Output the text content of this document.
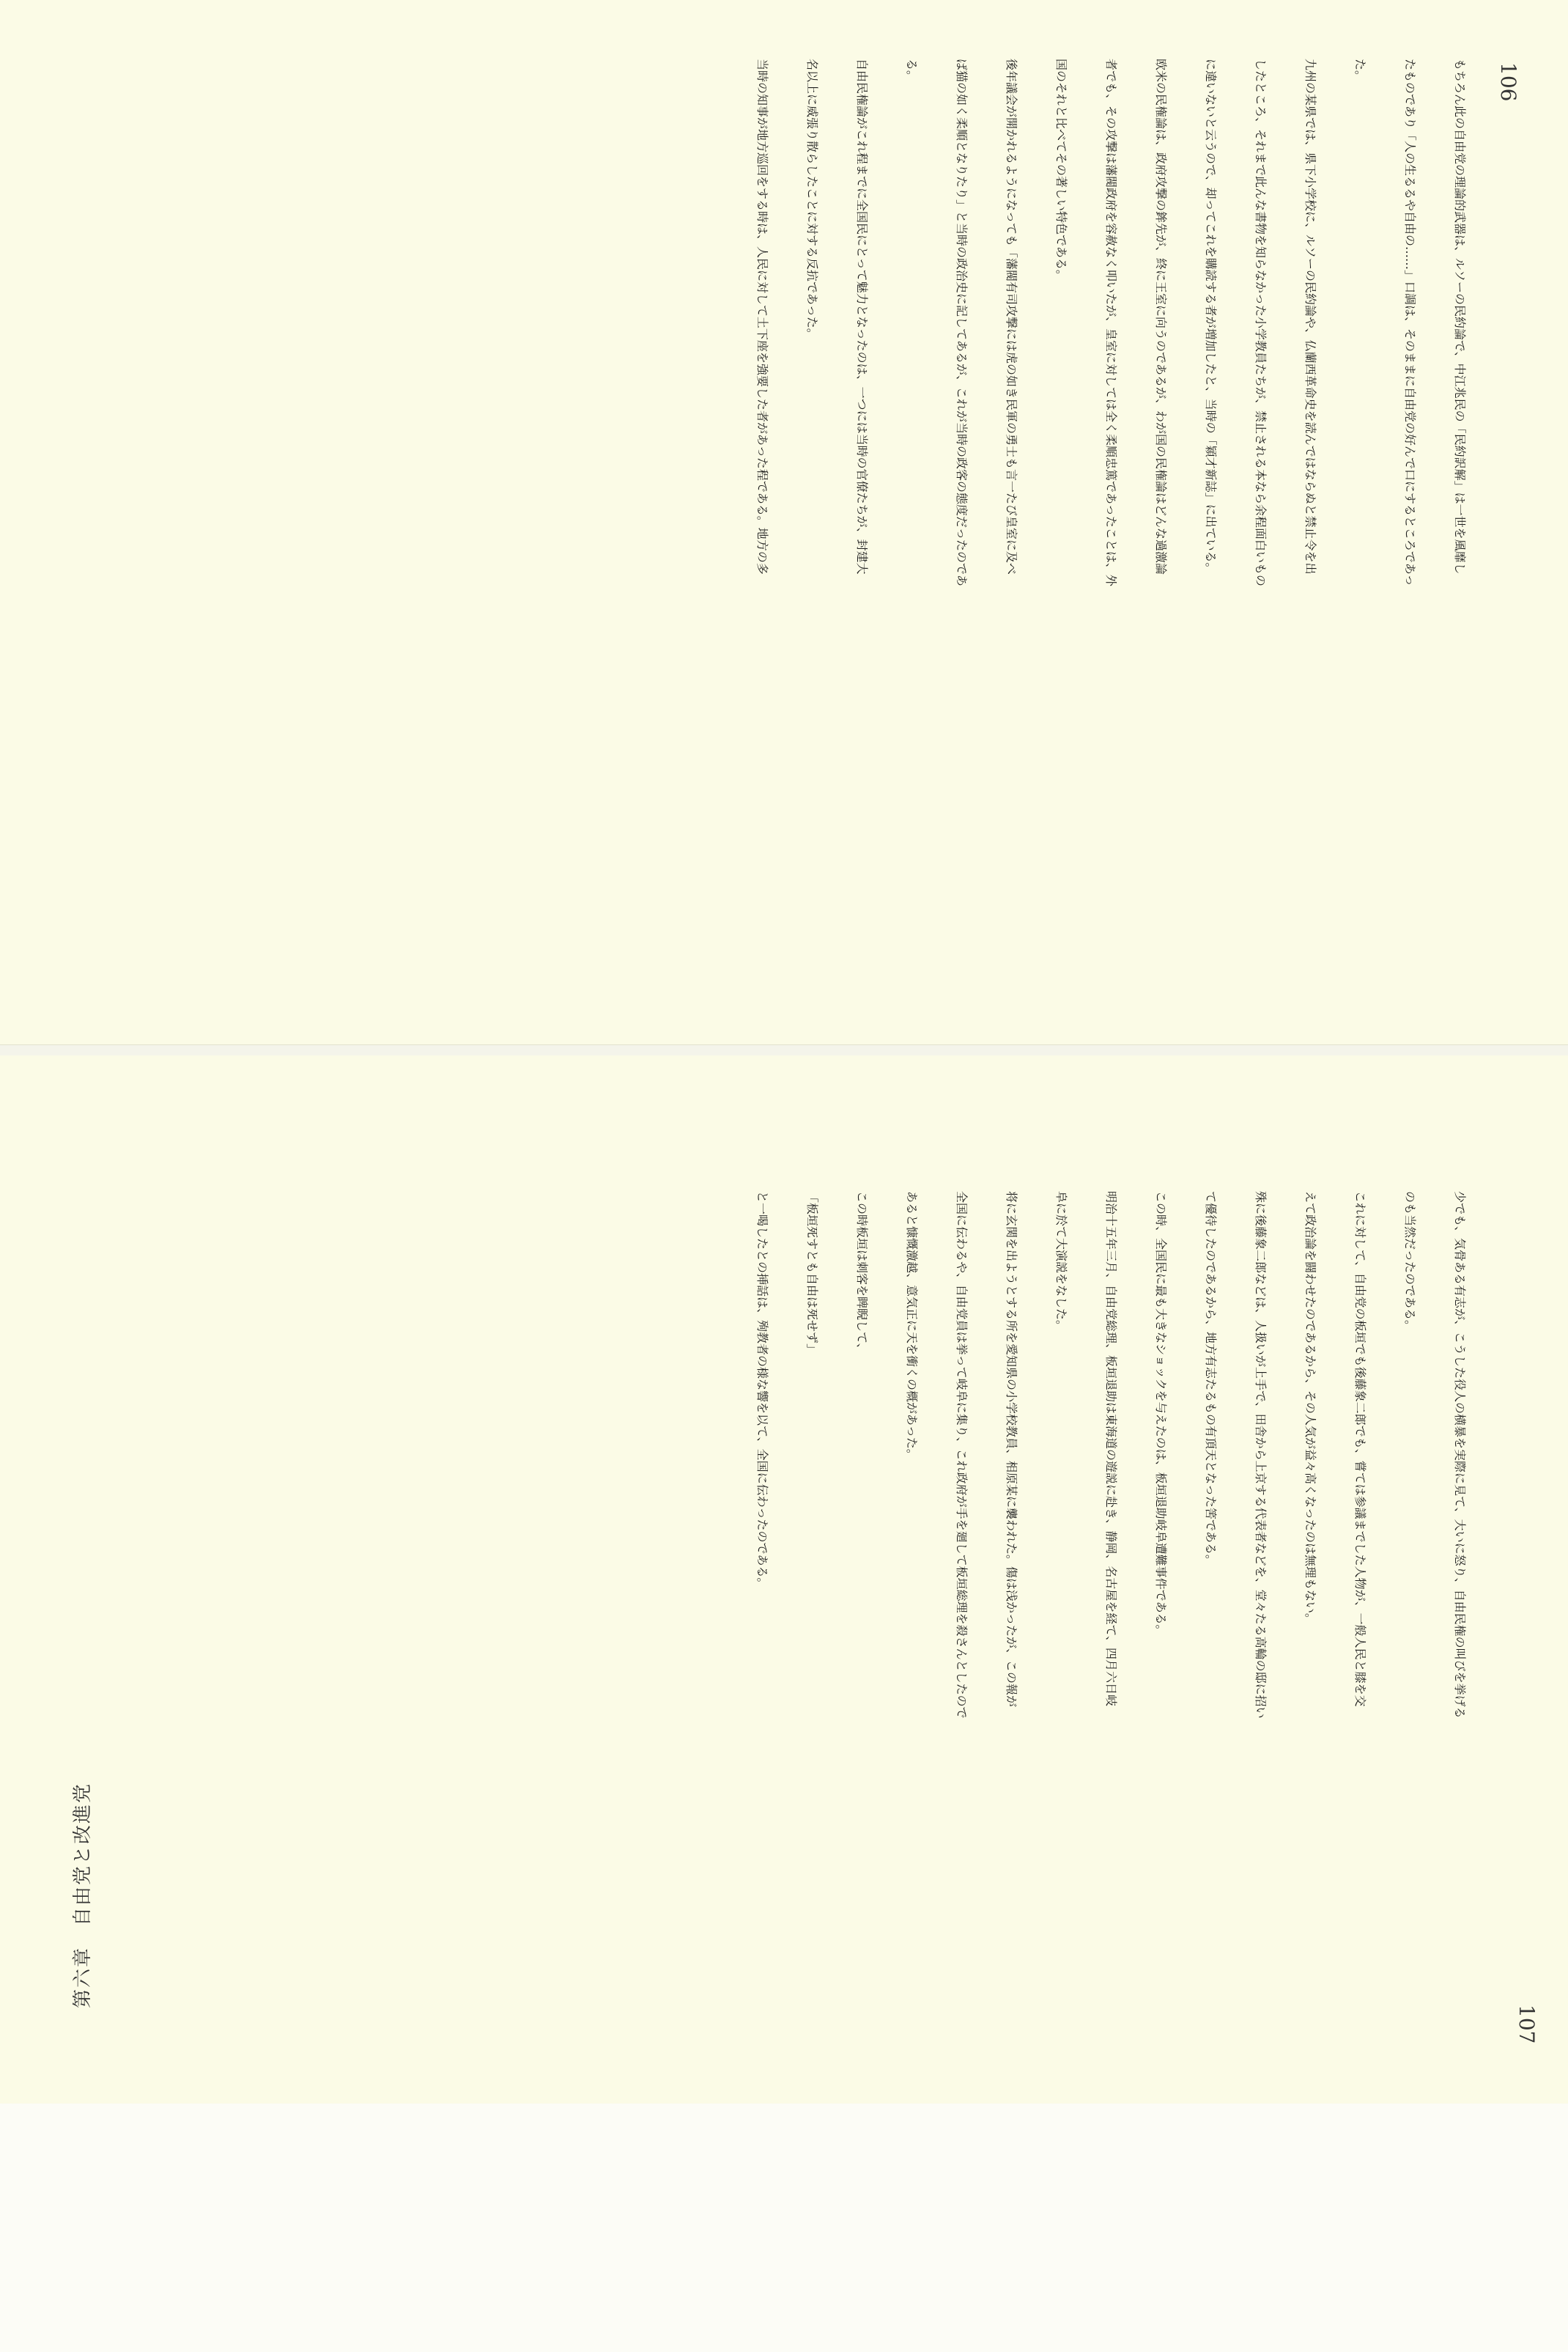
106
もちろん此の自由党の理論的武器は、ルソーの民約論で、中江兆民の「民約訳解」は一世を風靡し
たものであり「人の生るるや自由の……」口調は、そのままに自由党の好んで口にするところであっ
た。
九州の某県では、県下小学校に、ルソーの民約論や、仏蘭西革命史を読んではならぬと禁止令を出
したところ、それまで此んな書物を知らなかった小学教員たちが、禁止される本なら余程面白いもの
に違いないと云うので、却ってこれを購読する者が増加したと、当時の「穎才新誌」に出ている。
欧米の民権論は、政府攻撃の鉾先が、終に王室に向うのであるが、わが国の民権論はどんな過激論
者でも、その攻撃は藩閥政府を容赦なく叩いたが、皇室に対しては全く柔順忠篤であったことは、外
国のそれと比べてその著しい特色である。
後年議会が開かれるようになっても「藩閥有司攻撃には虎の如き民軍の勇士も言一たび皇室に及べ
ば猫の如く柔順となりたり」と当時の政治史に記してあるが、これが当時の政客の態度だったのであ
る。
自由民権論がこれ程までに全国民にとって魅力となったのは、一つには当時の官僚たちが、封建大
名以上に威張り散らしたことに対する反抗であった。
当時の知事が地方巡回をする時は、人民に対して土下座を強要した者があった程である。地方の多
少でも、気骨ある有志が、こうした役人の横暴を実際に見て、大いに怒り、自由民権の叫びを挙げる
のも当然だったのである。
これに対して、自由党の板垣でも後藤象二郎でも、嘗ては参議までした人物が、一般人民と膝を交
えて政治論を闘わせたのであるから、その人気が益々高くなったのは無理もない。
殊に後藤象二郎などは、人扱いが上手で、田舎から上京する代表者などを、堂々たる高輪の邸に招い
て優待したのであるから、地方有志たるもの有頂天となった筈である。
この時、全国民に最も大きなショックを与えたのは、板垣退助岐阜遭難事件である。
明治十五年三月、自由党総理、板垣退助は東海道の遊説に赴き、静岡、名古屋を経て、四月六日岐
阜に於て大演説をなした。
将に玄関を出ようとする所を愛知県の小学校教員、相原某に襲われた。傷は浅かったが、この報が
全国に伝わるや、自由党員は挙って岐阜に集り、これ政府が手を廻して板垣総理を殺さんとしたので
あると慷慨激越、意気正に天を衝くの概があった。
この時板垣は刺客を睥睨して、
「板垣死すとも自由は死せず」
と一喝したとの挿話は、殉教者の様な響を以て、全国に伝わったのである。
第六章　自由党と改進党
107
